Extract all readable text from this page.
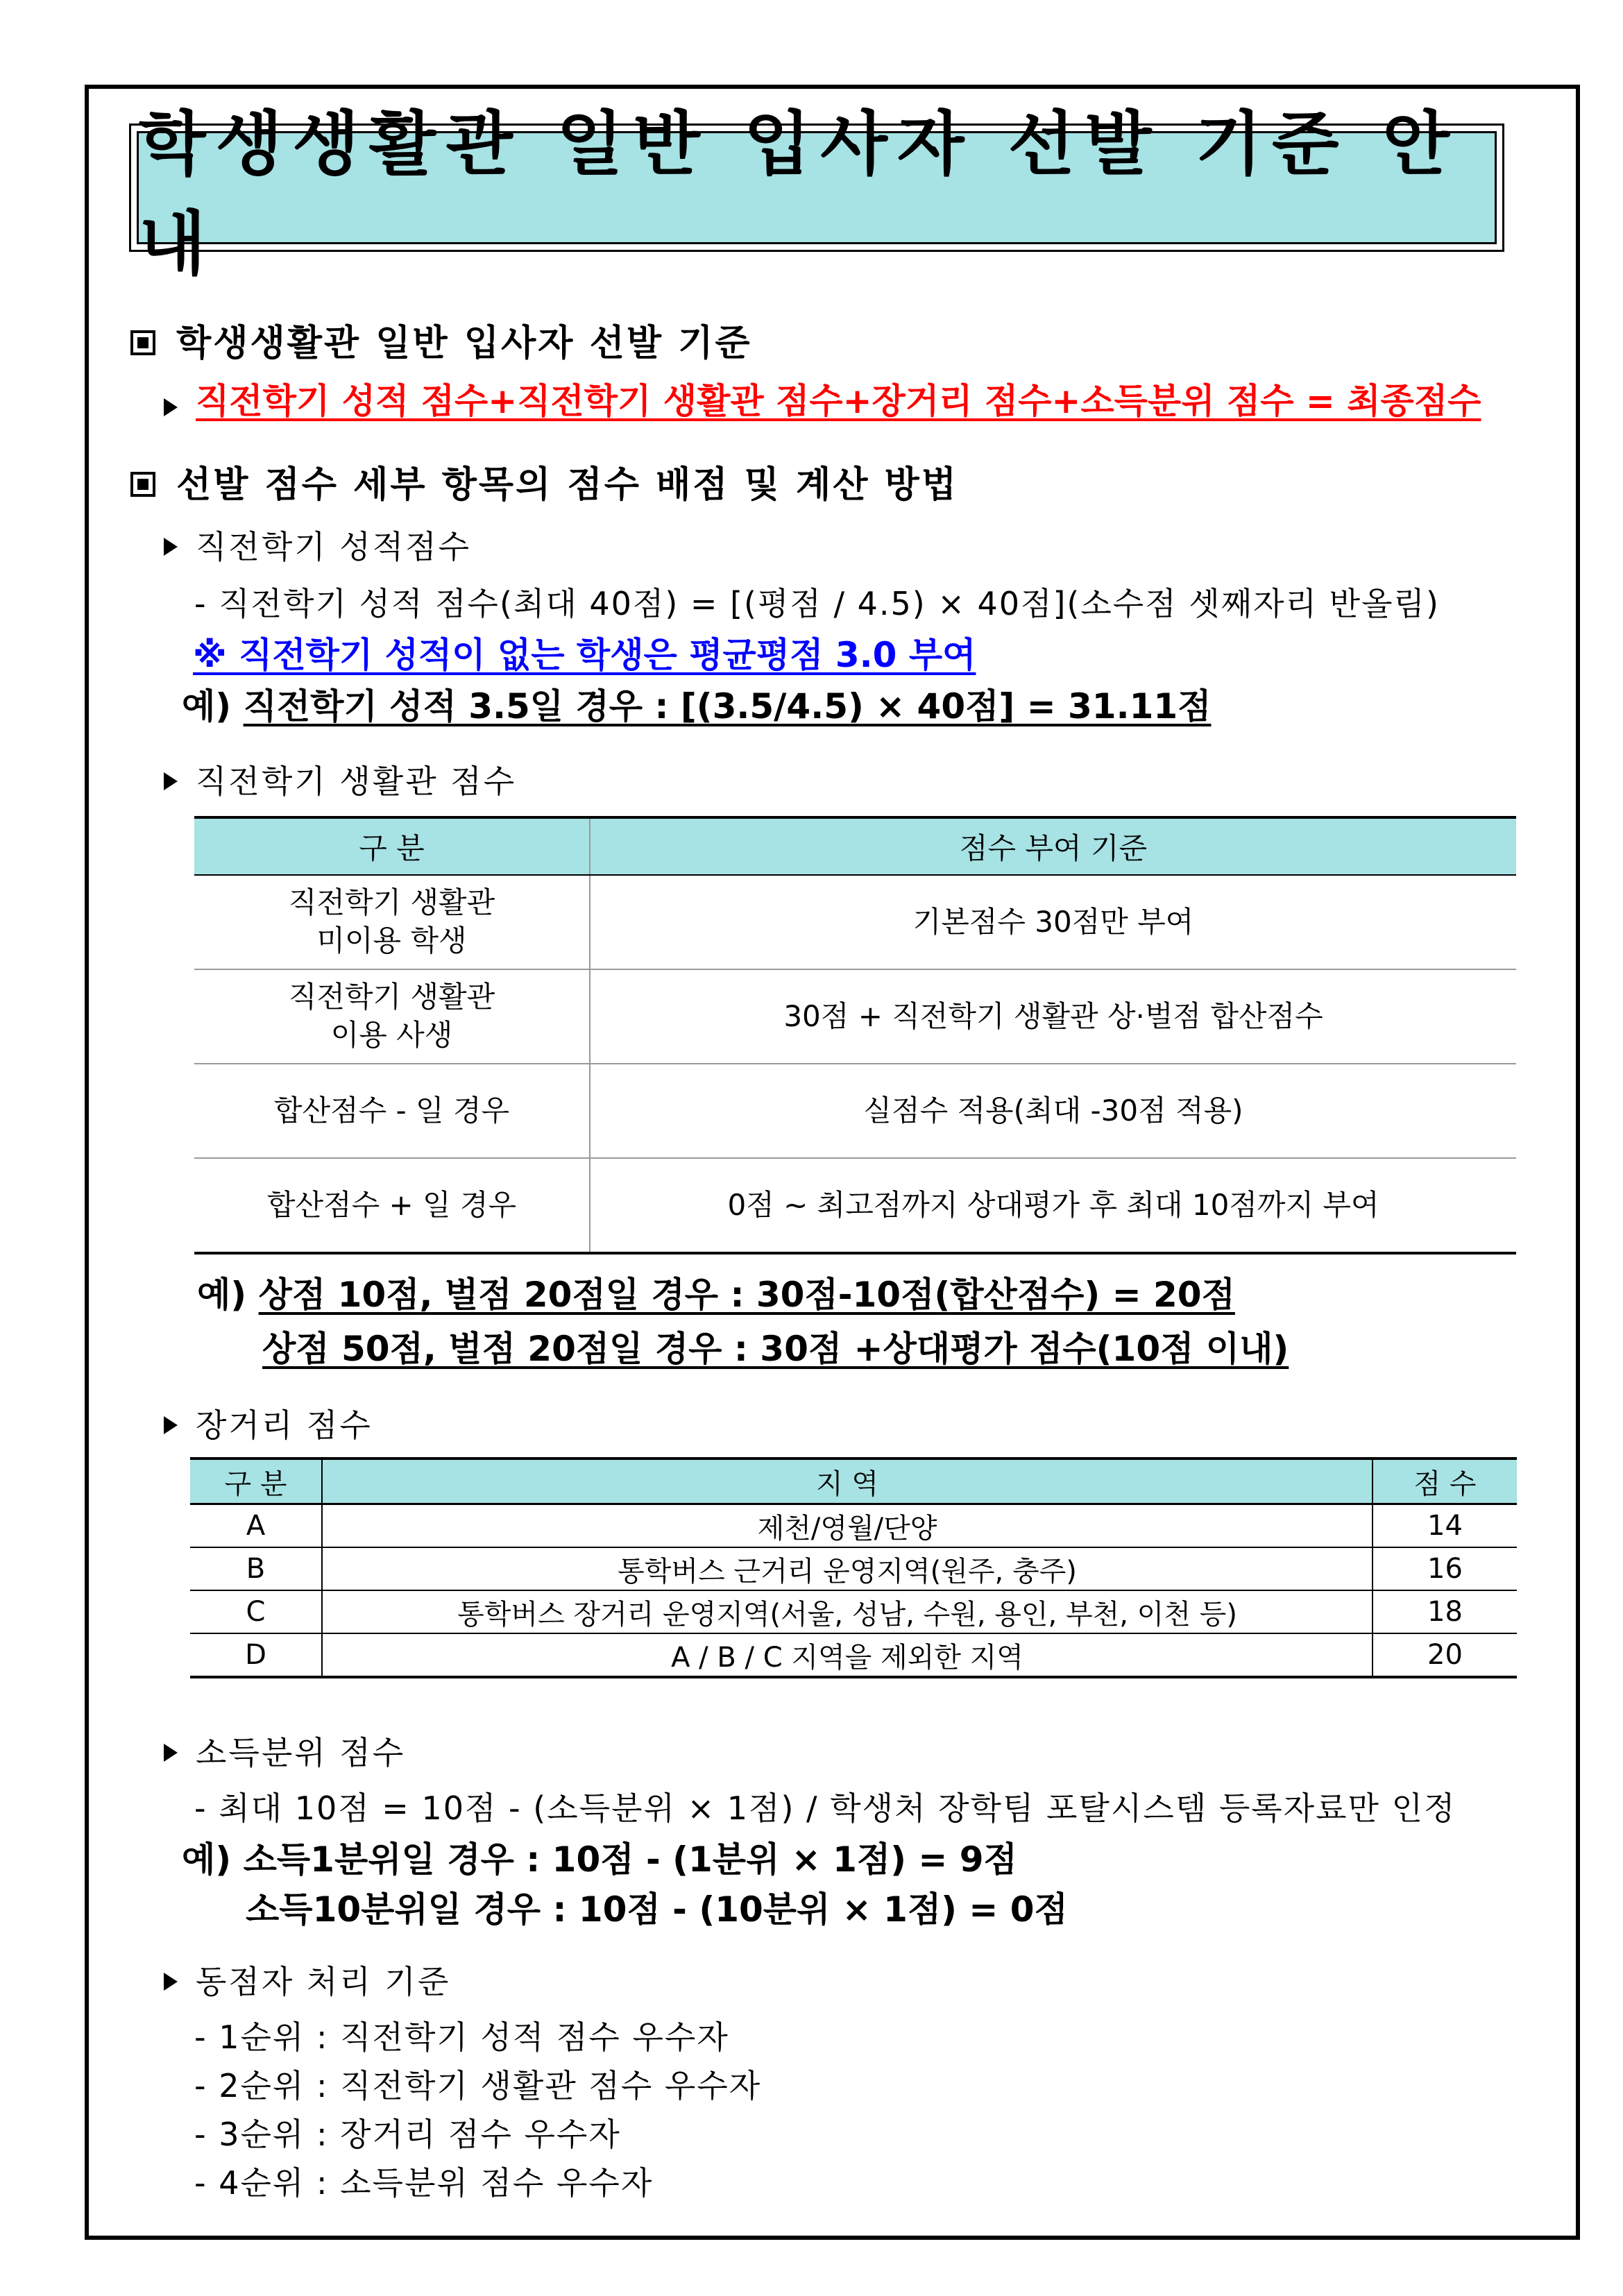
학생생활관 일반 입사자 선발 기준 안내
학생생활관 일반 입사자 선발 기준
직전학기 성적 점수+직전학기 생활관 점수+장거리 점수+소득분위 점수 = 최종점수
선발 점수 세부 항목의 점수 배점 및 계산 방법
직전학기 성적점수
- 직전학기 성적 점수(최대 40점) = [(평점 / 4.5) × 40점](소수점 셋째자리 반올림)
※ 직전학기 성적이 없는 학생은 평균평점 3.0 부여
예) 직전학기 성적 3.5일 경우 : [(3.5/4.5) × 40점] = 31.11점
직전학기 생활관 점수
구 분	점수 부여 기준
직전학기 생활관
미이용 학생	기본점수 30점만 부여
직전학기 생활관
이용 사생	30점 + 직전학기 생활관 상·벌점 합산점수
합산점수 - 일 경우	실점수 적용(최대 -30점 적용)
합산점수 + 일 경우	0점 ~ 최고점까지 상대평가 후 최대 10점까지 부여
예) 상점 10점, 벌점 20점일 경우 : 30점-10점(합산점수) = 20점
상점 50점, 벌점 20점일 경우 : 30점 +상대평가 점수(10점 이내)
장거리 점수
구 분	지 역	점 수
A	제천/영월/단양	14
B	통학버스 근거리 운영지역(원주, 충주)	16
C	통학버스 장거리 운영지역(서울, 성남, 수원, 용인, 부천, 이천 등)	18
D	A / B / C 지역을 제외한 지역	20
소득분위 점수
- 최대 10점 = 10점 - (소득분위 × 1점) / 학생처 장학팀 포탈시스템 등록자료만 인정
예) 소득1분위일 경우 : 10점 - (1분위 × 1점) = 9점
소득10분위일 경우 : 10점 - (10분위 × 1점) = 0점
동점자 처리 기준
- 1순위 : 직전학기 성적 점수 우수자
- 2순위 : 직전학기 생활관 점수 우수자
- 3순위 : 장거리 점수 우수자
- 4순위 : 소득분위 점수 우수자
